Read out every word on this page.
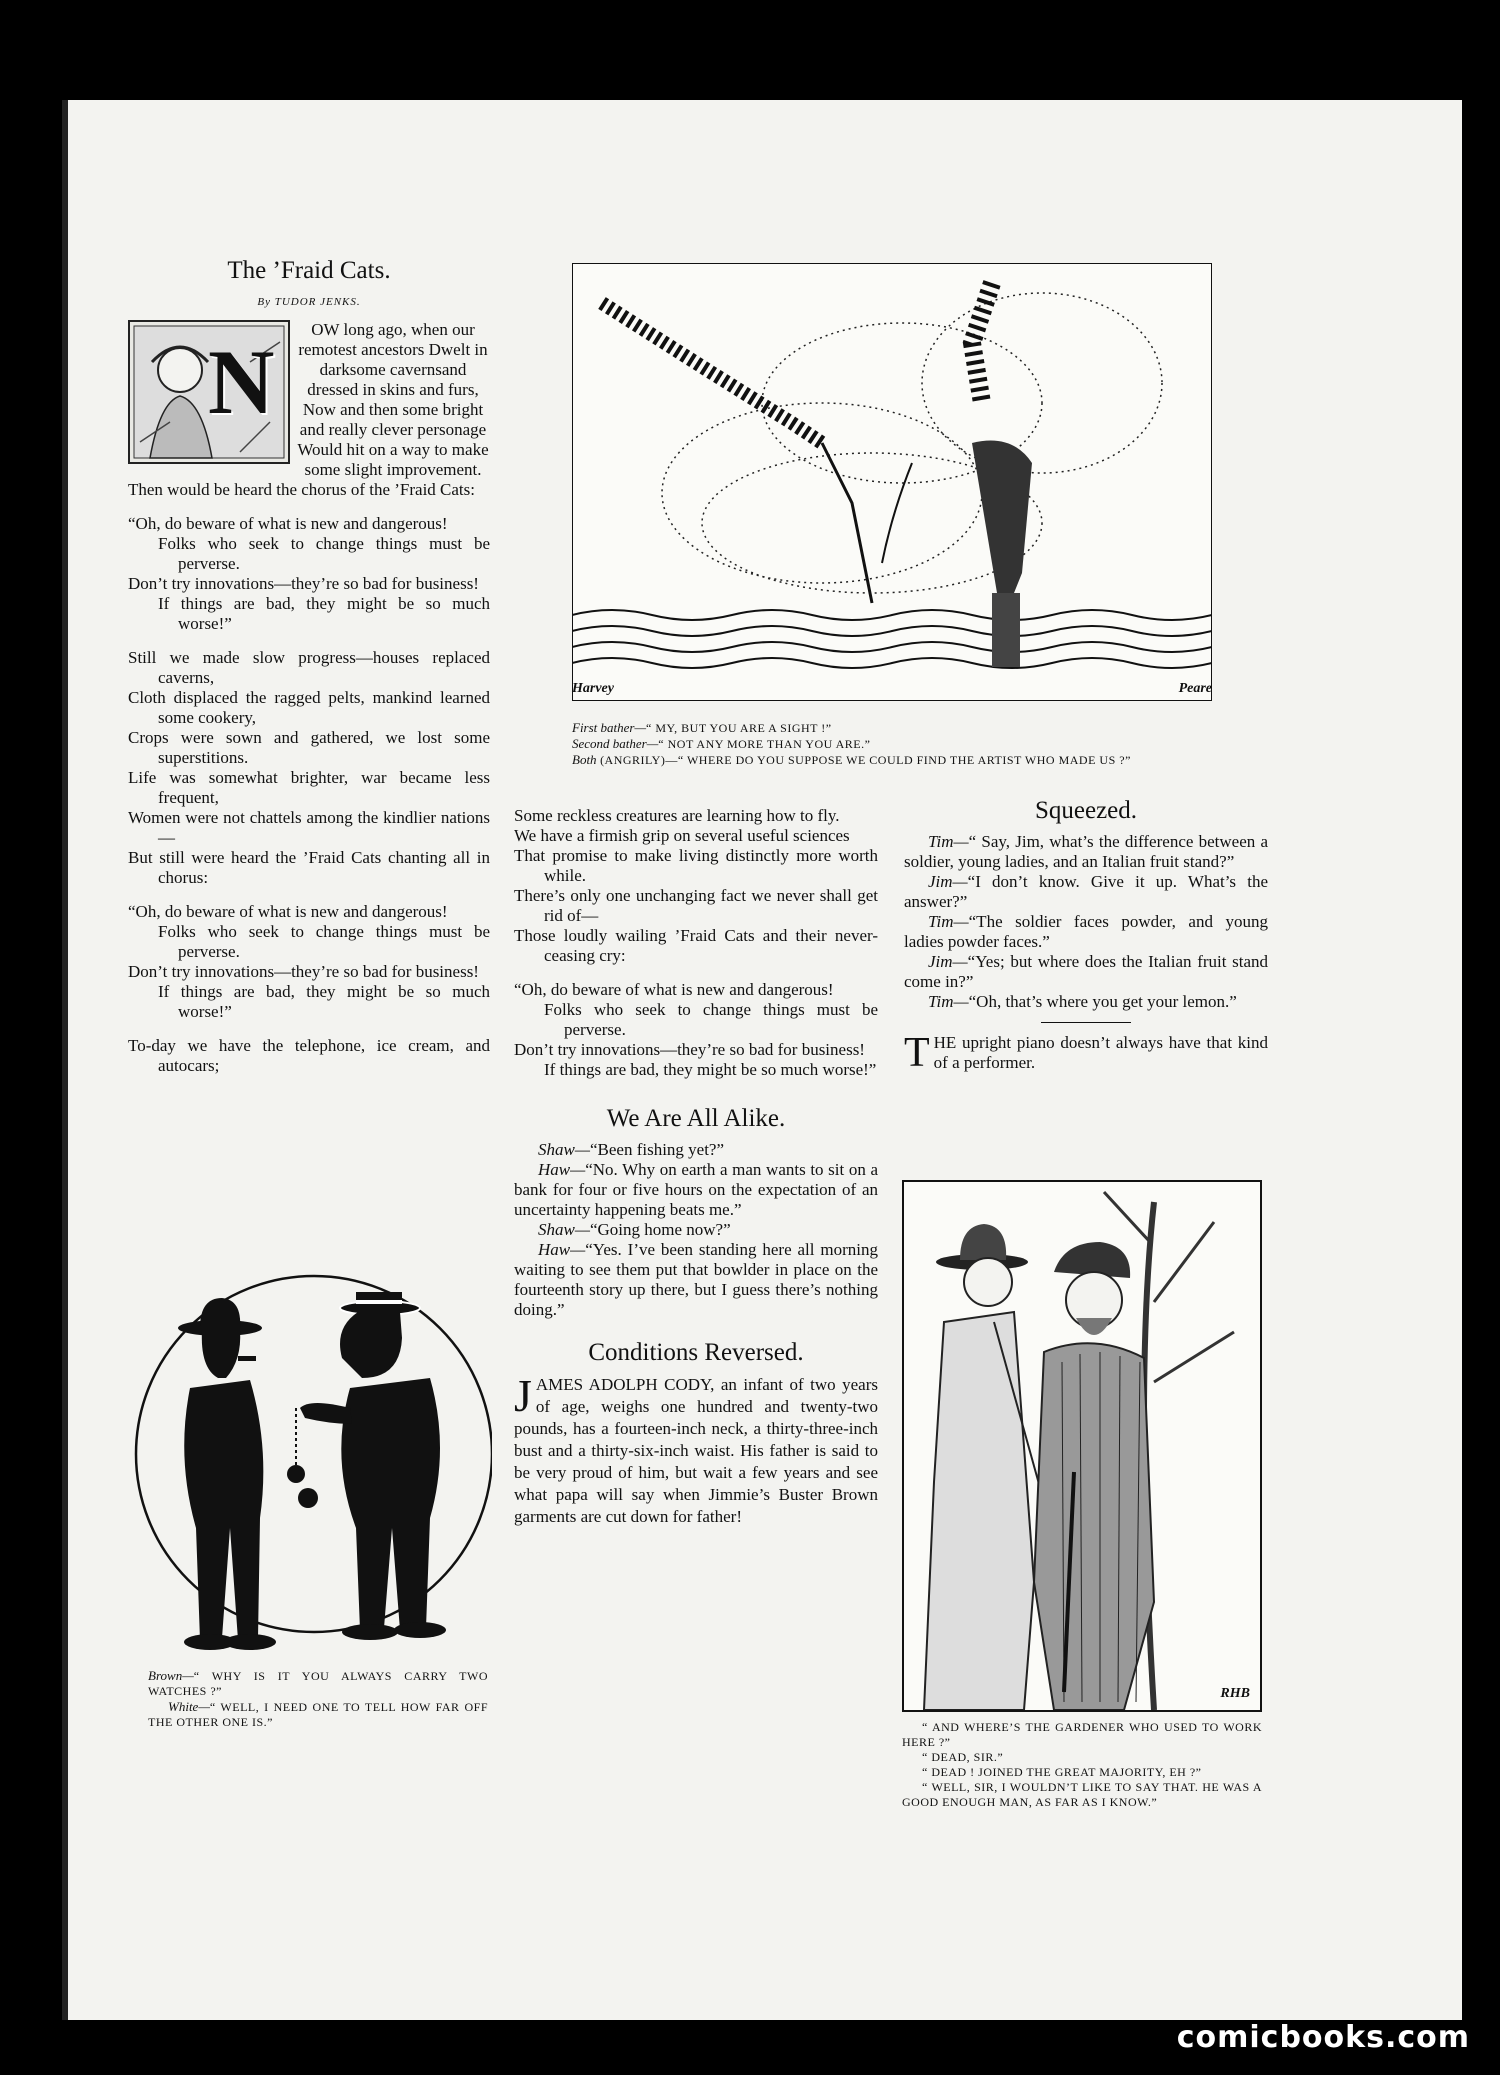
The ’Fraid Cats.
By TUDOR JENKS.
N

OW long ago, when our remotest ancestors Dwelt in darksome cavernsand dressed in skins and furs, Now and then some bright and really clever personage Would hit on a way to make some slight improvement.

Then would be heard the chorus of the ’Fraid Cats:

“Oh, do beware of what is new and dangerous!

Folks who seek to change things must be perverse.

Don’t try innovations—they’re so bad for business!

If things are bad, they might be so much worse!”

Still we made slow progress—houses replaced caverns,

Cloth displaced the ragged pelts, mankind learned some cookery,

Crops were sown and gathered, we lost some superstitions.

Life was somewhat brighter, war became less frequent,

Women were not chattels among the kindlier nations—

But still were heard the ’Fraid Cats chanting all in chorus:

“Oh, do beware of what is new and dangerous!

Folks who seek to change things must be perverse.

Don’t try innovations—they’re so bad for business!

If things are bad, they might be so much worse!”

To-day we have the telephone, ice cream, and autocars;

Brown—“ WHY IS IT YOU ALWAYS CARRY TWO WATCHES ?”

White—“ WELL, I NEED ONE TO TELL HOW FAR OFF THE OTHER ONE IS.”

Harvey	Peare

First bather—“ MY, BUT YOU ARE A SIGHT !”

Second bather—“ NOT ANY MORE THAN YOU ARE.”

Both (ANGRILY)—“ WHERE DO YOU SUPPOSE WE COULD FIND THE ARTIST WHO MADE US ?”

Some reckless creatures are learning how to fly.

We have a firmish grip on several useful sciences

That promise to make living distinctly more worth while.

There’s only one unchanging fact we never shall get rid of—

Those loudly wailing ’Fraid Cats and their never-ceasing cry:

“Oh, do beware of what is new and dangerous!

Folks who seek to change things must be perverse.

Don’t try innovations—they’re so bad for business!

If things are bad, they might be so much worse!”

We Are All Alike.

Shaw—“Been fishing yet?”

Haw—“No. Why on earth a man wants to sit on a bank for four or five hours on the expectation of an uncertainty happening beats me.”

Shaw—“Going home now?”

Haw—“Yes. I’ve been standing here all morning waiting to see them put that bowlder in place on the fourteenth story up there, but I guess there’s nothing doing.”

Conditions Reversed.

JAMES ADOLPH CODY, an infant of two years of age, weighs one hundred and twenty-two pounds, has a fourteen-inch neck, a thirty-three-inch bust and a thirty-six-inch waist. His father is said to be very proud of him, but wait a few years and see what papa will say when Jimmie’s Buster Brown garments are cut down for father!

Squeezed.

Tim—“ Say, Jim, what’s the difference between a soldier, young ladies, and an Italian fruit stand?”

Jim—“I don’t know. Give it up. What’s the answer?”

Tim—“The soldier faces powder, and young ladies powder faces.”

Jim—“Yes; but where does the Italian fruit stand come in?”

Tim—“Oh, that’s where you get your lemon.”

THE upright piano doesn’t always have that kind of a performer.

RHB

“ AND WHERE’S THE GARDENER WHO USED TO WORK HERE ?”

“ DEAD, SIR.”

“ DEAD ! JOINED THE GREAT MAJORITY, EH ?”

“ WELL, SIR, I WOULDN’T LIKE TO SAY THAT. HE WAS A GOOD ENOUGH MAN, AS FAR AS I KNOW.”

comicbooks.com
